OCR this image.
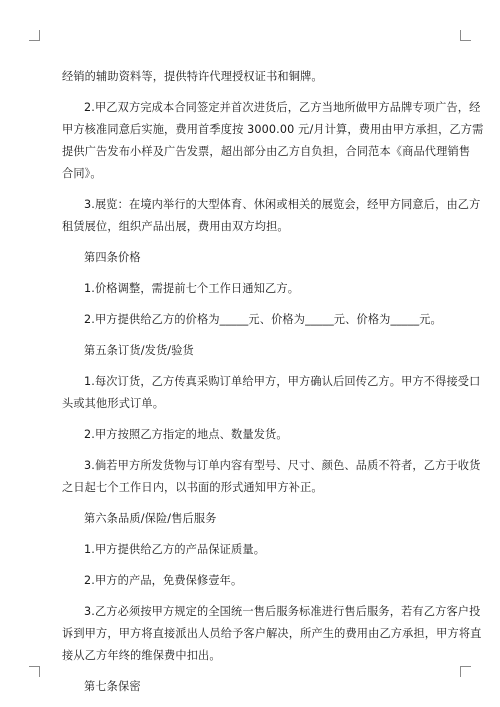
经销的辅助资料等，提供特许代理授权证书和铜牌。
2.甲乙双方完成本合同签定并首次进货后，乙方当地所做甲方品牌专项广告，经
甲方核准同意后实施，费用首季度按 3000.00 元/月计算，费用由甲方承担，乙方需
提供广告发布小样及广告发票，超出部分由乙方自负担，合同范本《商品代理销售
合同》。
3.展览：在境内举行的大型体育、休闲或相关的展览会，经甲方同意后，由乙方
租赁展位，组织产品出展，费用由双方均担。
第四条价格
1.价格调整，需提前七个工作日通知乙方。
2.甲方提供给乙方的价格为_____元、价格为_____元、价格为_____元。
第五条订货/发货/验货
1.每次订货，乙方传真采购订单给甲方，甲方确认后回传乙方。甲方不得接受口
头或其他形式订单。
2.甲方按照乙方指定的地点、数量发货。
3.倘若甲方所发货物与订单内容有型号、尺寸、颜色、品质不符者，乙方于收货
之日起七个工作日内，以书面的形式通知甲方补正。
第六条品质/保险/售后服务
1.甲方提供给乙方的产品保证质量。
2.甲方的产品，免费保修壹年。
3.乙方必须按甲方规定的全国统一售后服务标准进行售后服务，若有乙方客户投
诉到甲方，甲方将直接派出人员给予客户解决，所产生的费用由乙方承担，甲方将直
接从乙方年终的维保费中扣出。
第七条保密
